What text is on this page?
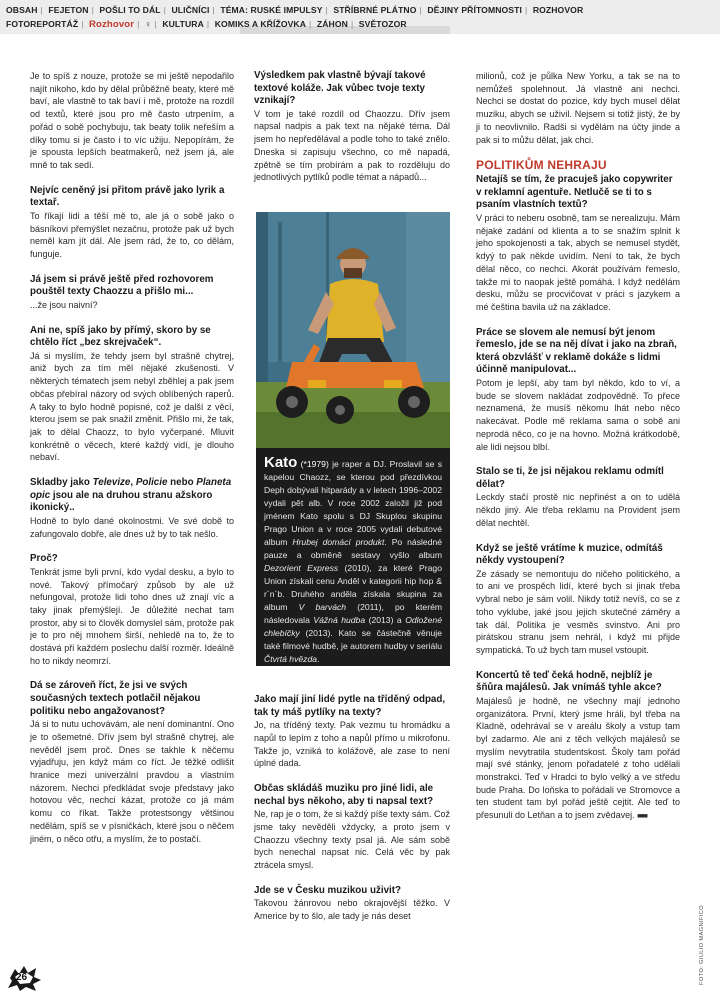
OBSAH | FEJETON | POŠLI TO DÁL | ULIČNÍCI | TÉMA: RUSKÉ IMPULSY | STŘÍBRNÉ PLÁTNO | DĚJINY PŘÍTOMNOSTI | ROZHOVOR
FOTOREPORTÁŽ | Rozhovor | ♀ | KULTURA | KOMIKS A KŘÍŽOVKA | ZÁHON | SVĚTOZOR

Je to spíš z nouze, protože se mi ještě nepodařilo najít nikoho, kdo by dělal průběžně beaty, které mě baví, ale vlastně to tak baví i mě, protože na rozdíl od textů, které jsou pro mě často utrpením, a pořád o sobě pochybuju, tak beaty tolik neřeším a díky tomu si je často i to víc užiju. Nepopírám, že je spousta lepších beatmakerů, než jsem já, ale mně to tak sedí.

Nejvíc ceněný jsi přitom právě jako lyrik a textař.

To říkají lidi a těší mě to, ale já o sobě jako o básníkovi přemýšlet nezačnu, protože pak už bych neměl kam jít dál. Ale jsem rád, že to, co dělám, funguje.

Já jsem si právě ještě před rozhovorem pouštěl texty Chaozzu a přišlo mi...

...že jsou naivní?

Ani ne, spíš jako by přímý, skoro by se chtělo říct „bez skrejvaček“.

Já si myslím, že tehdy jsem byl strašně chytrej, aniž bych za tím měl nějaké zkušenosti. V některých tématech jsem nebyl zběhlej a pak jsem občas přebíral názory od svých oblíbených raperů. A taky to bylo hodně popisné, což je další z věcí, kterou jsem se pak snažil změnit. Přišlo mi, že tak, jak to dělal Chaozz, to bylo vyčerpané. Mluvit konkrétně o věcech, které každý vidí, je dlouho nebaví.

Skladby jako Televize, Policie nebo Planeta opic jsou ale na druhou stranu ažskoro ikonický..

Hodně to bylo dané okolnostmi. Ve své době to zafungovalo dobře, ale dnes už by to tak nešlo.

Proč?

Tenkrát jsme byli první, kdo vydal desku, a bylo to nové. Takový přímočarý způsob by ale už nefungoval, protože lidi toho dnes už znají víc a taky jinak přemýšlejí. Je důležité nechat tam prostor, aby si to člověk domyslel sám, protože pak je to pro něj mnohem širší, nehledě na to, že to dostává při každém poslechu další rozměr. Ideálně ho to nikdy neomrzí.

Dá se zároveň říct, že jsi ve svých současných textech potlačil nějakou politiku nebo angažovanost?

Já si to nutu uchovávám, ale není dominantní. Ono je to ošemetné. Dřív jsem byl strašně chytrej, ale nevěděl jsem proč. Dnes se takhle k něčemu vyjadřuju, jen když mám co říct. Je těžké odlišit hranice mezi univerzální pravdou a vlastním názorem. Nechci předkládat svoje představy jako hotovou věc, nechci kázat, protože co já mám komu co říkat. Takže protestsongy většinou nedělám, spíš se v písničkách, které jsou o něčem jiném, o něco otřu, a myslím, že to postačí.

Výsledkem pak vlastně bývají takové textové koláže. Jak vůbec tvoje texty vznikají?

V tom je také rozdíl od Chaozzu. Dřív jsem napsal nadpis a pak text na nějaké téma. Dál jsem ho nepředělával a podle toho to také znělo. Dneska si zapisuju všechno, co mě napadá, zpětně se tím probírám a pak to rozděluju do jednotlivých pytlíků podle témat a nápadů...

Kato (*1979) je raper a DJ. Proslavil se s kapelou Chaozz, se kterou pod přezdívkou Deph dobývali hitparády a v letech 1996–2002 vydali pět alb. V roce 2002 založil již pod jménem Kato spolu s DJ Skuplou skupinu Prago Union a v roce 2005 vydali debutové album Hrubej domácí produkt. Po následné pauze a obměně sestavy vyšlo album Dezorient Express (2010), za které Prago Union získali cenu Anděl v kategorii hip hop & r´n´b. Druhého anděla získala skupina za album V barvách (2011), po kterém následovala Vážná hudba (2013) a Odložené chlebíčky (2013). Kato se částečně věnuje také filmové hudbě, je autorem hudby v seriálu Čtvrtá hvězda.

Jako mají jiní lidé pytle na tříděný odpad, tak ty máš pytlíky na texty?

Jo, na tříděný texty. Pak vezmu tu hromádku a napůl to lepím z toho a napůl přímo u mikrofonu. Takže jo, vzniká to kolážově, ale zase to není úplné dada.

Občas skládáš muziku pro jiné lidi, ale nechal bys někoho, aby ti napsal text?

Ne, rap je o tom, že si každý píše texty sám. Což jsme taky nevěděli vždycky, a proto jsem v Chaozzu všechny texty psal já. Ale sám sobě bych nenechal napsat nic. Celá věc by pak ztrácela smysl.

Jde se v Česku muzikou uživit?

Takovou žánrovou nebo okrajovější těžko. V Americe by to šlo, ale tady je nás deset

milionů, což je půlka New Yorku, a tak se na to nemůžeš spolehnout. Já vlastně ani nechci. Nechci se dostat do pozice, kdy bych musel dělat muziku, abych se uživil. Nejsem si totiž jistý, že by ji to neovlivnilo. Radši si vydělám na účty jinde a pak si to můžu dělat, jak chci.

POLITIKŮM NEHRAJU

Netajíš se tím, že pracuješ jako copywriter v reklamní agentuře. Netlučě se ti to s psaním vlastních textů?

V práci to neberu osobně, tam se nerealizuju. Mám nějaké zadání od klienta a to se snažím splnit k jeho spokojenosti a tak, abych se nemusel stydět, kdyý to pak někde uvidím. Není to tak, že bych dělal něco, co nechci. Akorát používám řemeslo, takže mi to naopak ještě pomáhá. I když nedělám desku, můžu se procvičovat v práci s jazykem a mé čeština bavila už na základce.

Práce se slovem ale nemusí být jenom řemeslo, jde se na něj dívat i jako na zbraň, která obzvlášť v reklamě dokáže s lidmi účinně manipulovat...

Potom je lepší, aby tam byl někdo, kdo to ví, a bude se slovem nakládat zodpovědně. To přece neznamená, že musíš někomu lhát nebo něco nakecávat. Podle mě reklama sama o sobě ani neprodá něco, co je na hovno. Možná krátkodobě, ale lidi nejsou blbí.

Stalo se ti, že jsi nějakou reklamu odmítl dělat?

Leckdy stačí prostě nic nepřinést a on to udělá někdo jiný. Ale třeba reklamu na Provident jsem dělat nechtěl.

Když se ještě vrátíme k muzice, odmítáš někdy vystoupení?

Ze zásady se nemontuju do ničeho politického, a to ani ve prospěch lidí, které bych si jinak třeba vybral nebo je sám volil. Nikdy totiž nevíš, co se z toho vyklube, jaké jsou jejich skutečné záměry a tak dál. Politika je vesměs svinstvo. Ani pro pirátskou stranu jsem nehrál, i když mi přijde sympatická. To už bych tam musel vstoupit.

Koncertů tě teď čeká hodně, nejblíž je šňůra majálesů. Jak vnímáš tyhle akce?

Majálesů je hodně, ne všechny mají jednoho organizátora. První, který jsme hráli, byl třeba na Kladně, odehrával se v areálu školy a vstup tam byl zadarmo. Ale ani z těch velkých majálesů se myslím nevytratila studentskost. Školy tam pořád mají své stánky, jenom pořadatelé z toho udělali monstrakci. Teď v Hradci to bylo velký a ve středu bude Praha. Do loňska to pořádali ve Stromovce a ten student tam byl pořád ještě cejtit. Ale teď to přesunuli do Letňan a to jsem zvědavej. ■■■

26	FOTO: GIULIO MAGNIFICO
